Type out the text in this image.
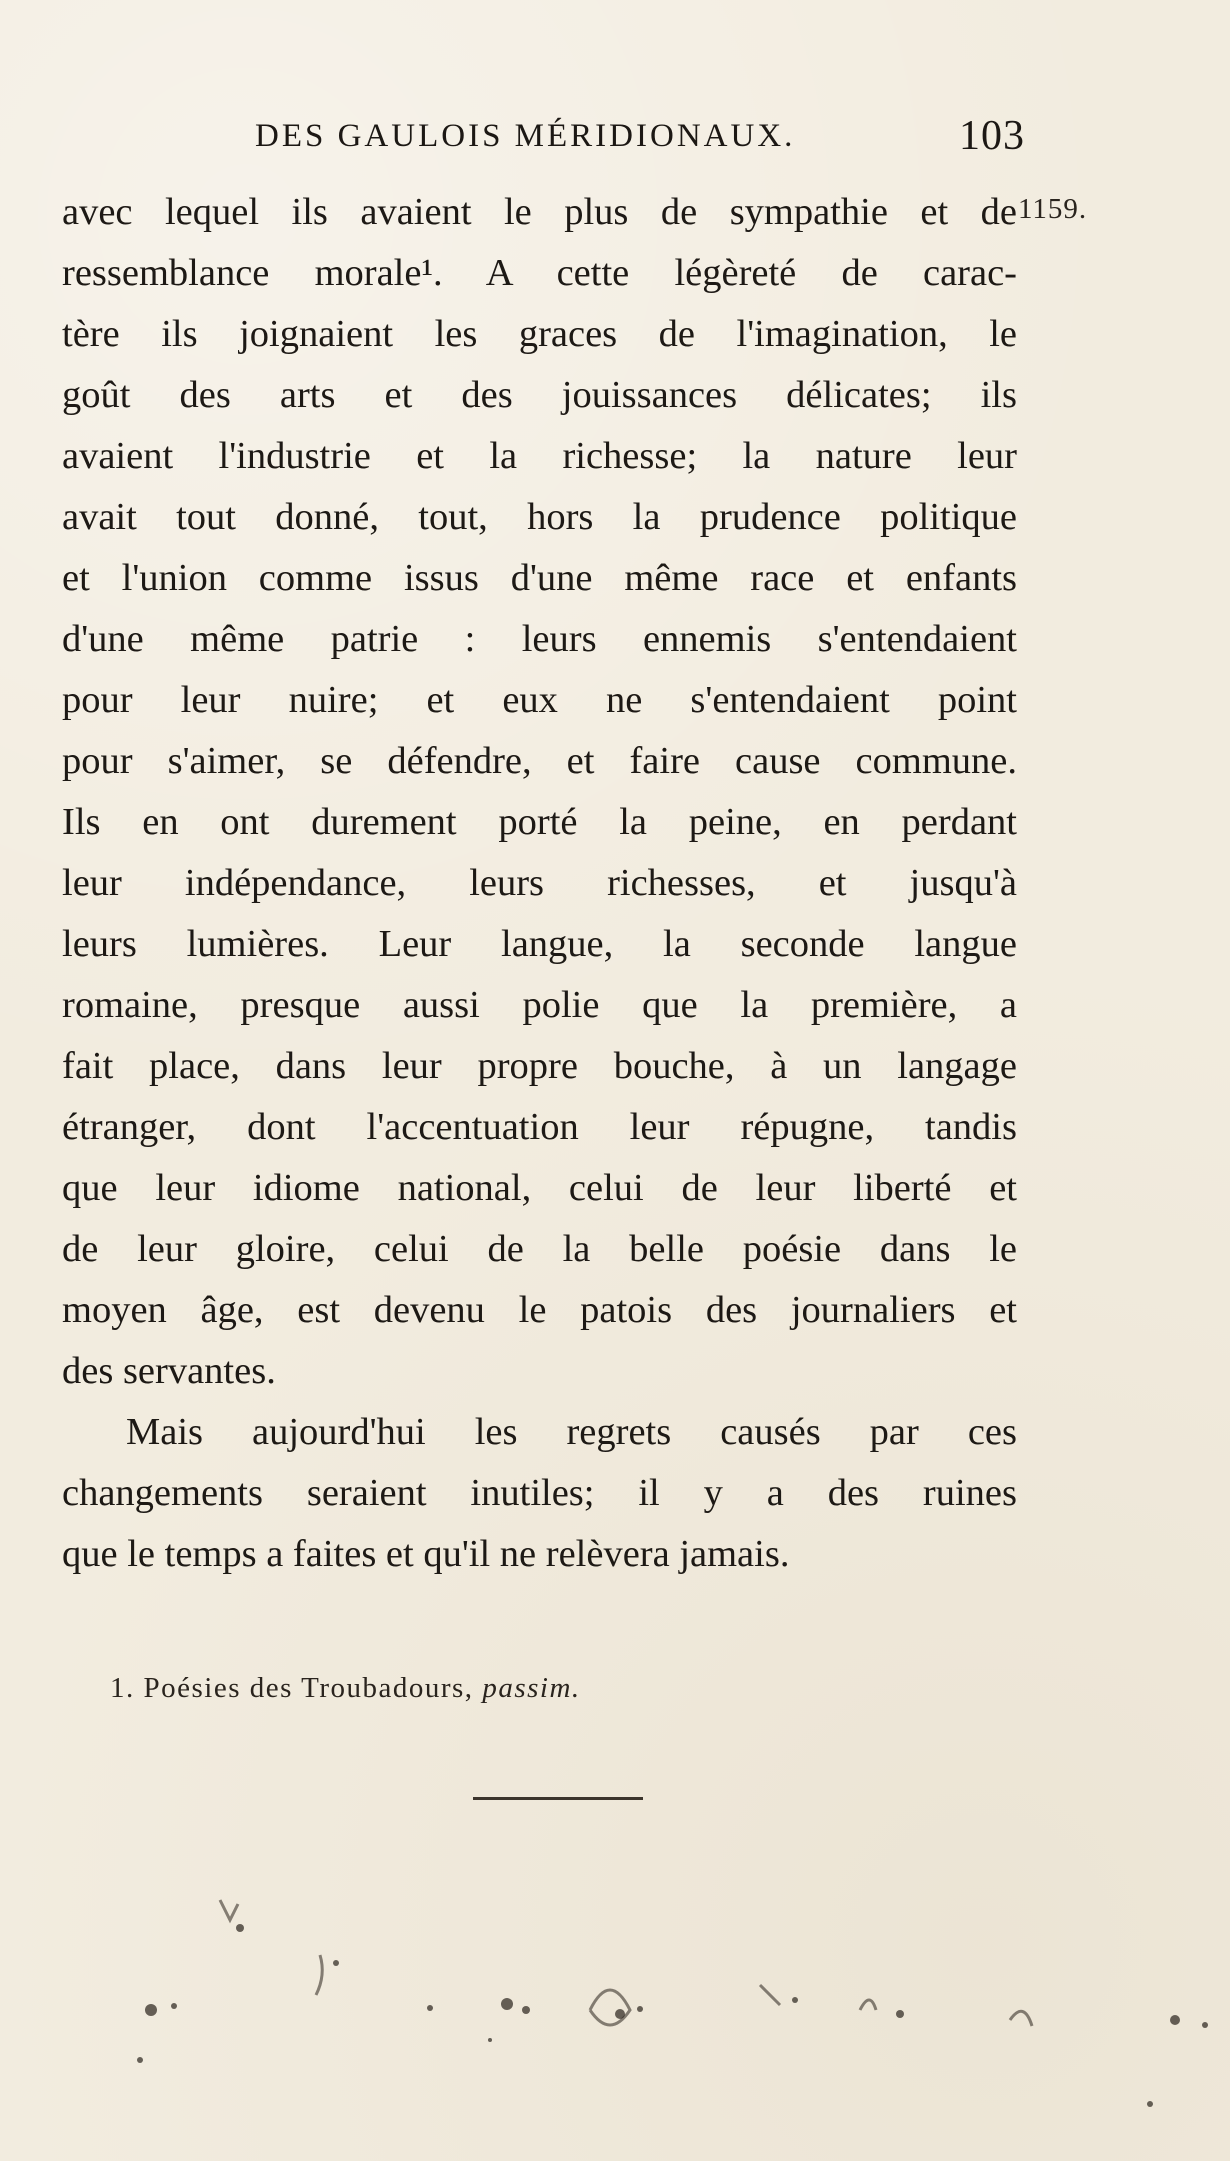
DES GAULOIS MÉRIDIONAUX.	103
1159.
avec lequel ils avaient le plus de sympathie et de
ressemblance morale¹. A cette légèreté de carac-
tère ils joignaient les graces de l'imagination, le
goût des arts et des jouissances délicates; ils
avaient l'industrie et la richesse; la nature leur
avait tout donné, tout, hors la prudence politique
et l'union comme issus d'une même race et enfants
d'une même patrie : leurs ennemis s'entendaient
pour leur nuire; et eux ne s'entendaient point
pour s'aimer, se défendre, et faire cause commune.
Ils en ont durement porté la peine, en perdant
leur indépendance, leurs richesses, et jusqu'à
leurs lumières. Leur langue, la seconde langue
romaine, presque aussi polie que la première, a
fait place, dans leur propre bouche, à un langage
étranger, dont l'accentuation leur répugne, tandis
que leur idiome national, celui de leur liberté et
de leur gloire, celui de la belle poésie dans le
moyen âge, est devenu le patois des journaliers et
des servantes.
Mais aujourd'hui les regrets causés par ces
changements seraient inutiles; il y a des ruines
que le temps a faites et qu'il ne relèvera jamais.
1. Poésies des Troubadours, passim.
